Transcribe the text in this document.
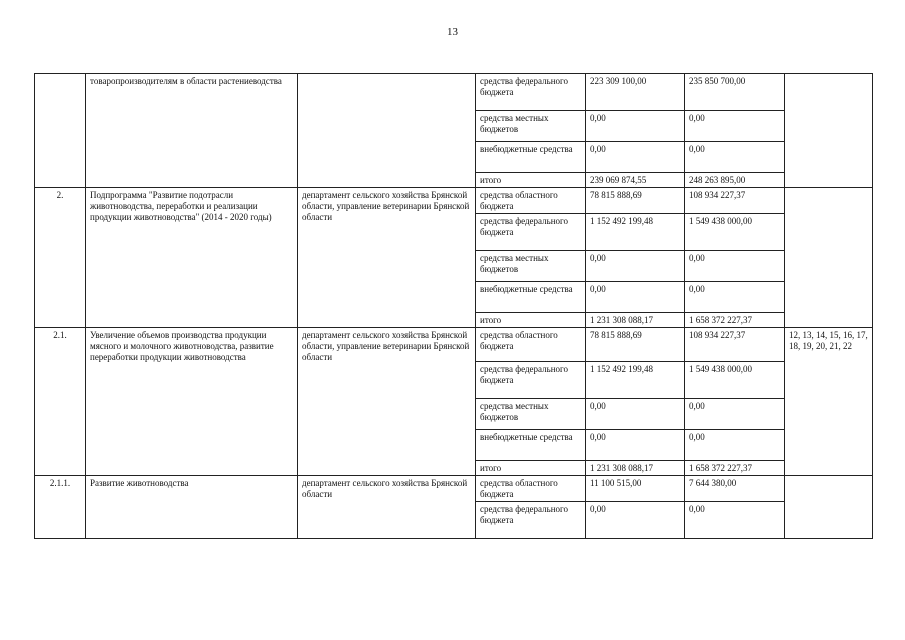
13
	товаропроизводителям в области растениеводства		средства федерального бюджета	223 309 100,00	235 850 700,00	
			средства местных бюджетов	0,00	0,00	
			внебюджетные средства	0,00	0,00	
			итого	239 069 874,55	248 263 895,00	
2.	Подпрограмма "Развитие подотрасли животноводства, переработки и реализации продукции животноводства" (2014 - 2020 годы)	департамент сельского хозяйства Брянской области, управление ветеринарии Брянской области	средства областного бюджета	78 815 888,69	108 934 227,37	
			средства федерального бюджета	1 152 492 199,48	1 549 438 000,00	
			средства местных бюджетов	0,00	0,00	
			внебюджетные средства	0,00	0,00	
			итого	1 231 308 088,17	1 658 372 227,37	
2.1.	Увеличение объемов производства продукции мясного и молочного животноводства, развитие переработки продукции животноводства	департамент сельского хозяйства Брянской области, управление ветеринарии Брянской области	средства областного бюджета	78 815 888,69	108 934 227,37	12, 13, 14, 15, 16, 17, 18, 19, 20, 21, 22
			средства федерального бюджета	1 152 492 199,48	1 549 438 000,00	
			средства местных бюджетов	0,00	0,00	
			внебюджетные средства	0,00	0,00	
			итого	1 231 308 088,17	1 658 372 227,37	
2.1.1.	Развитие животноводства	департамент сельского хозяйства Брянской области	средства областного бюджета	11 100 515,00	7 644 380,00	
			средства федерального бюджета	0,00	0,00	
